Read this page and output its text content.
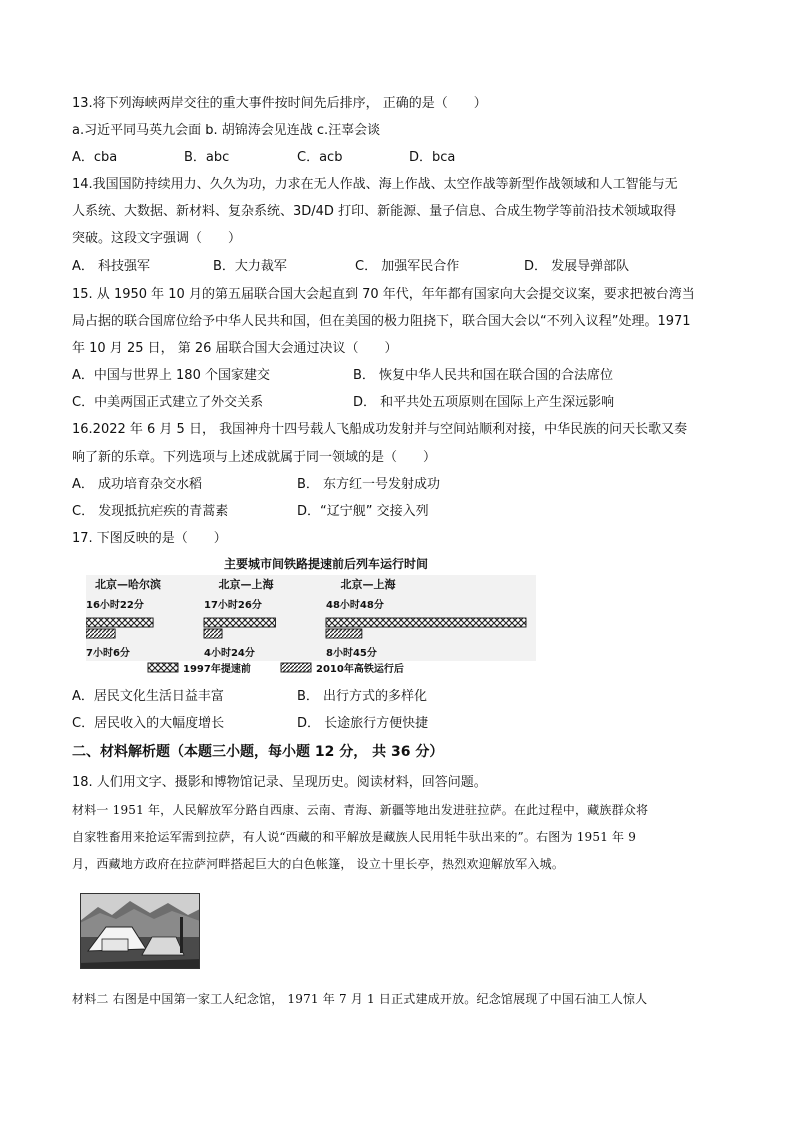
13.将下列海峡两岸交往的重大事件按时间先后排序， 正确的是（　　）
a.习近平同马英九会面 b. 胡锦涛会见连战 c.汪辜会谈
A．cba	B．abc	C．acb	D．bca
14.我国国防持续用力、久久为功，力求在无人作战、海上作战、太空作战等新型作战领域和人工智能与无
人系统、大数据、新材料、复杂系统、3D/4D 打印、新能源、量子信息、合成生物学等前沿技术领域取得
突破。这段文字强调（　　）
A． 科技强军	B．大力裁军	C． 加强军民合作	D． 发展导弹部队
15. 从 1950 年 10 月的第五届联合国大会起直到 70 年代，年年都有国家向大会提交议案，要求把被台湾当
局占据的联合国席位给予中华人民共和国，但在美国的极力阻挠下，联合国大会以“不列入议程”处理。1971
年 10 月 25 日， 第 26 届联合国大会通过决议（　　）
A．中国与世界上 180 个国家建交	B． 恢复中华人民共和国在联合国的合法席位
C．中美两国正式建立了外交关系	D． 和平共处五项原则在国际上产生深远影响
16.2022 年 6 月 5 日， 我国神舟十四号载人飞船成功发射并与空间站顺利对接，中华民族的问天长歌又奏
响了新的乐章。下列选项与上述成就属于同一领域的是（　　）
A． 成功培育杂交水稻	B． 东方红一号发射成功
C． 发现抵抗疟疾的青蒿素	D．“辽宁舰” 交接入列
17. 下图反映的是（　　）
主要城市间铁路提速前后列车运行时间
北京—哈尔滨
16小时22分
7小时6分
北京—上海
17小时26分
4小时24分
北京—上海
48小时48分
8小时45分
1997年提速前	2010年高铁运行后
A．居民文化生活日益丰富	B． 出行方式的多样化
C．居民收入的大幅度增长	D． 长途旅行方便快捷
二、材料解析题（本题三小题，每小题 12 分， 共 36 分）
18. 人们用文字、摄影和博物馆记录、呈现历史。阅读材料，回答问题。
材料一 1951 年，人民解放军分路自西康、云南、青海、新疆等地出发进驻拉萨。在此过程中，藏族群众将
自家牲畜用来抢运军需到拉萨，有人说“西藏的和平解放是藏族人民用牦牛驮出来的”。右图为 1951 年 9
月，西藏地方政府在拉萨河畔搭起巨大的白色帐篷， 设立十里长亭，热烈欢迎解放军入城。
材料二 右图是中国第一家工人纪念馆， 1971 年 7 月 1 日正式建成开放。纪念馆展现了中国石油工人惊人
